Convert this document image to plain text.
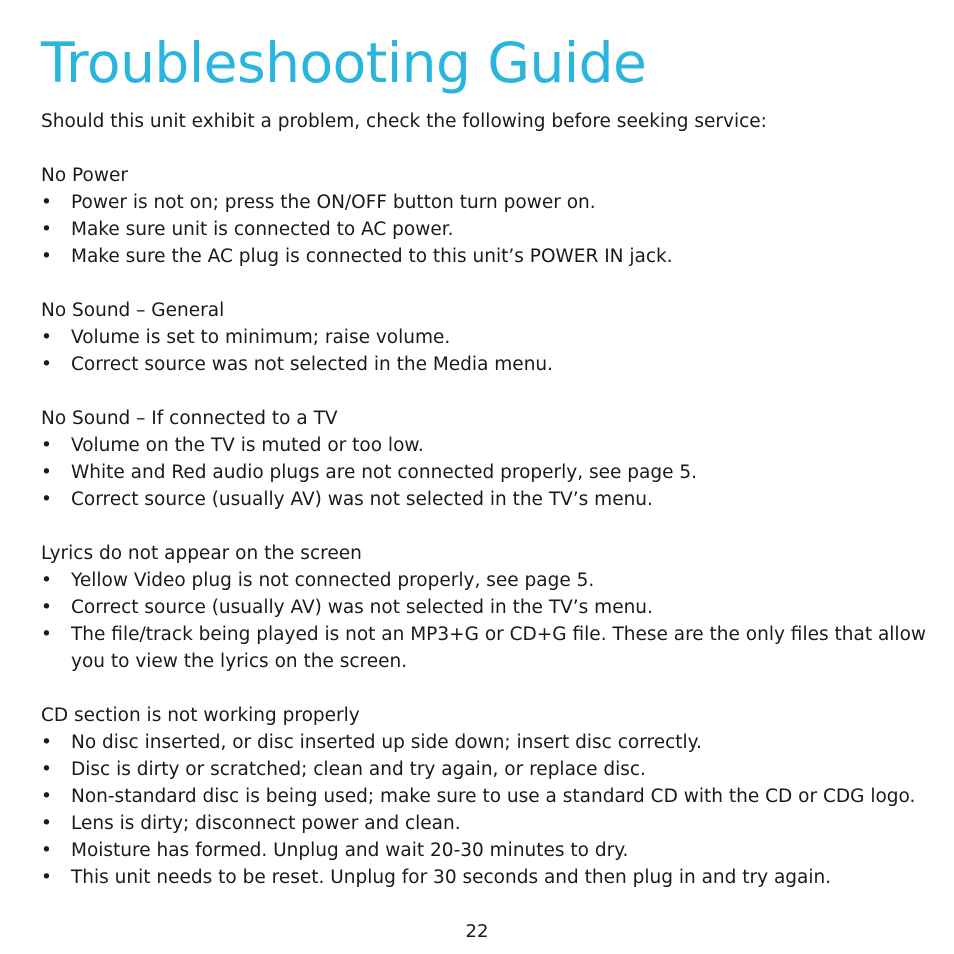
Troubleshooting Guide

Should this unit exhibit a problem, check the following before seeking service:

No Power

• Power is not on; press the ON/OFF button turn power on.
• Make sure unit is connected to AC power.
• Make sure the AC plug is connected to this unit’s POWER IN jack.

No Sound – General

• Volume is set to minimum; raise volume.
• Correct source was not selected in the Media menu.

No Sound – If connected to a TV

• Volume on the TV is muted or too low.
• White and Red audio plugs are not connected properly, see page 5.
• Correct source (usually AV) was not selected in the TV’s menu.

Lyrics do not appear on the screen

• Yellow Video plug is not connected properly, see page 5.
• Correct source (usually AV) was not selected in the TV’s menu.
• The file/track being played is not an MP3+G or CD+G file. These are the only files that allow you to view the lyrics on the screen.

CD section is not working properly

• No disc inserted, or disc inserted up side down; insert disc correctly.
• Disc is dirty or scratched; clean and try again, or replace disc.
• Non-standard disc is being used; make sure to use a standard CD with the CD or CDG logo.
• Lens is dirty; disconnect power and clean.
• Moisture has formed. Unplug and wait 20-30 minutes to dry.
• This unit needs to be reset. Unplug for 30 seconds and then plug in and try again.
22
